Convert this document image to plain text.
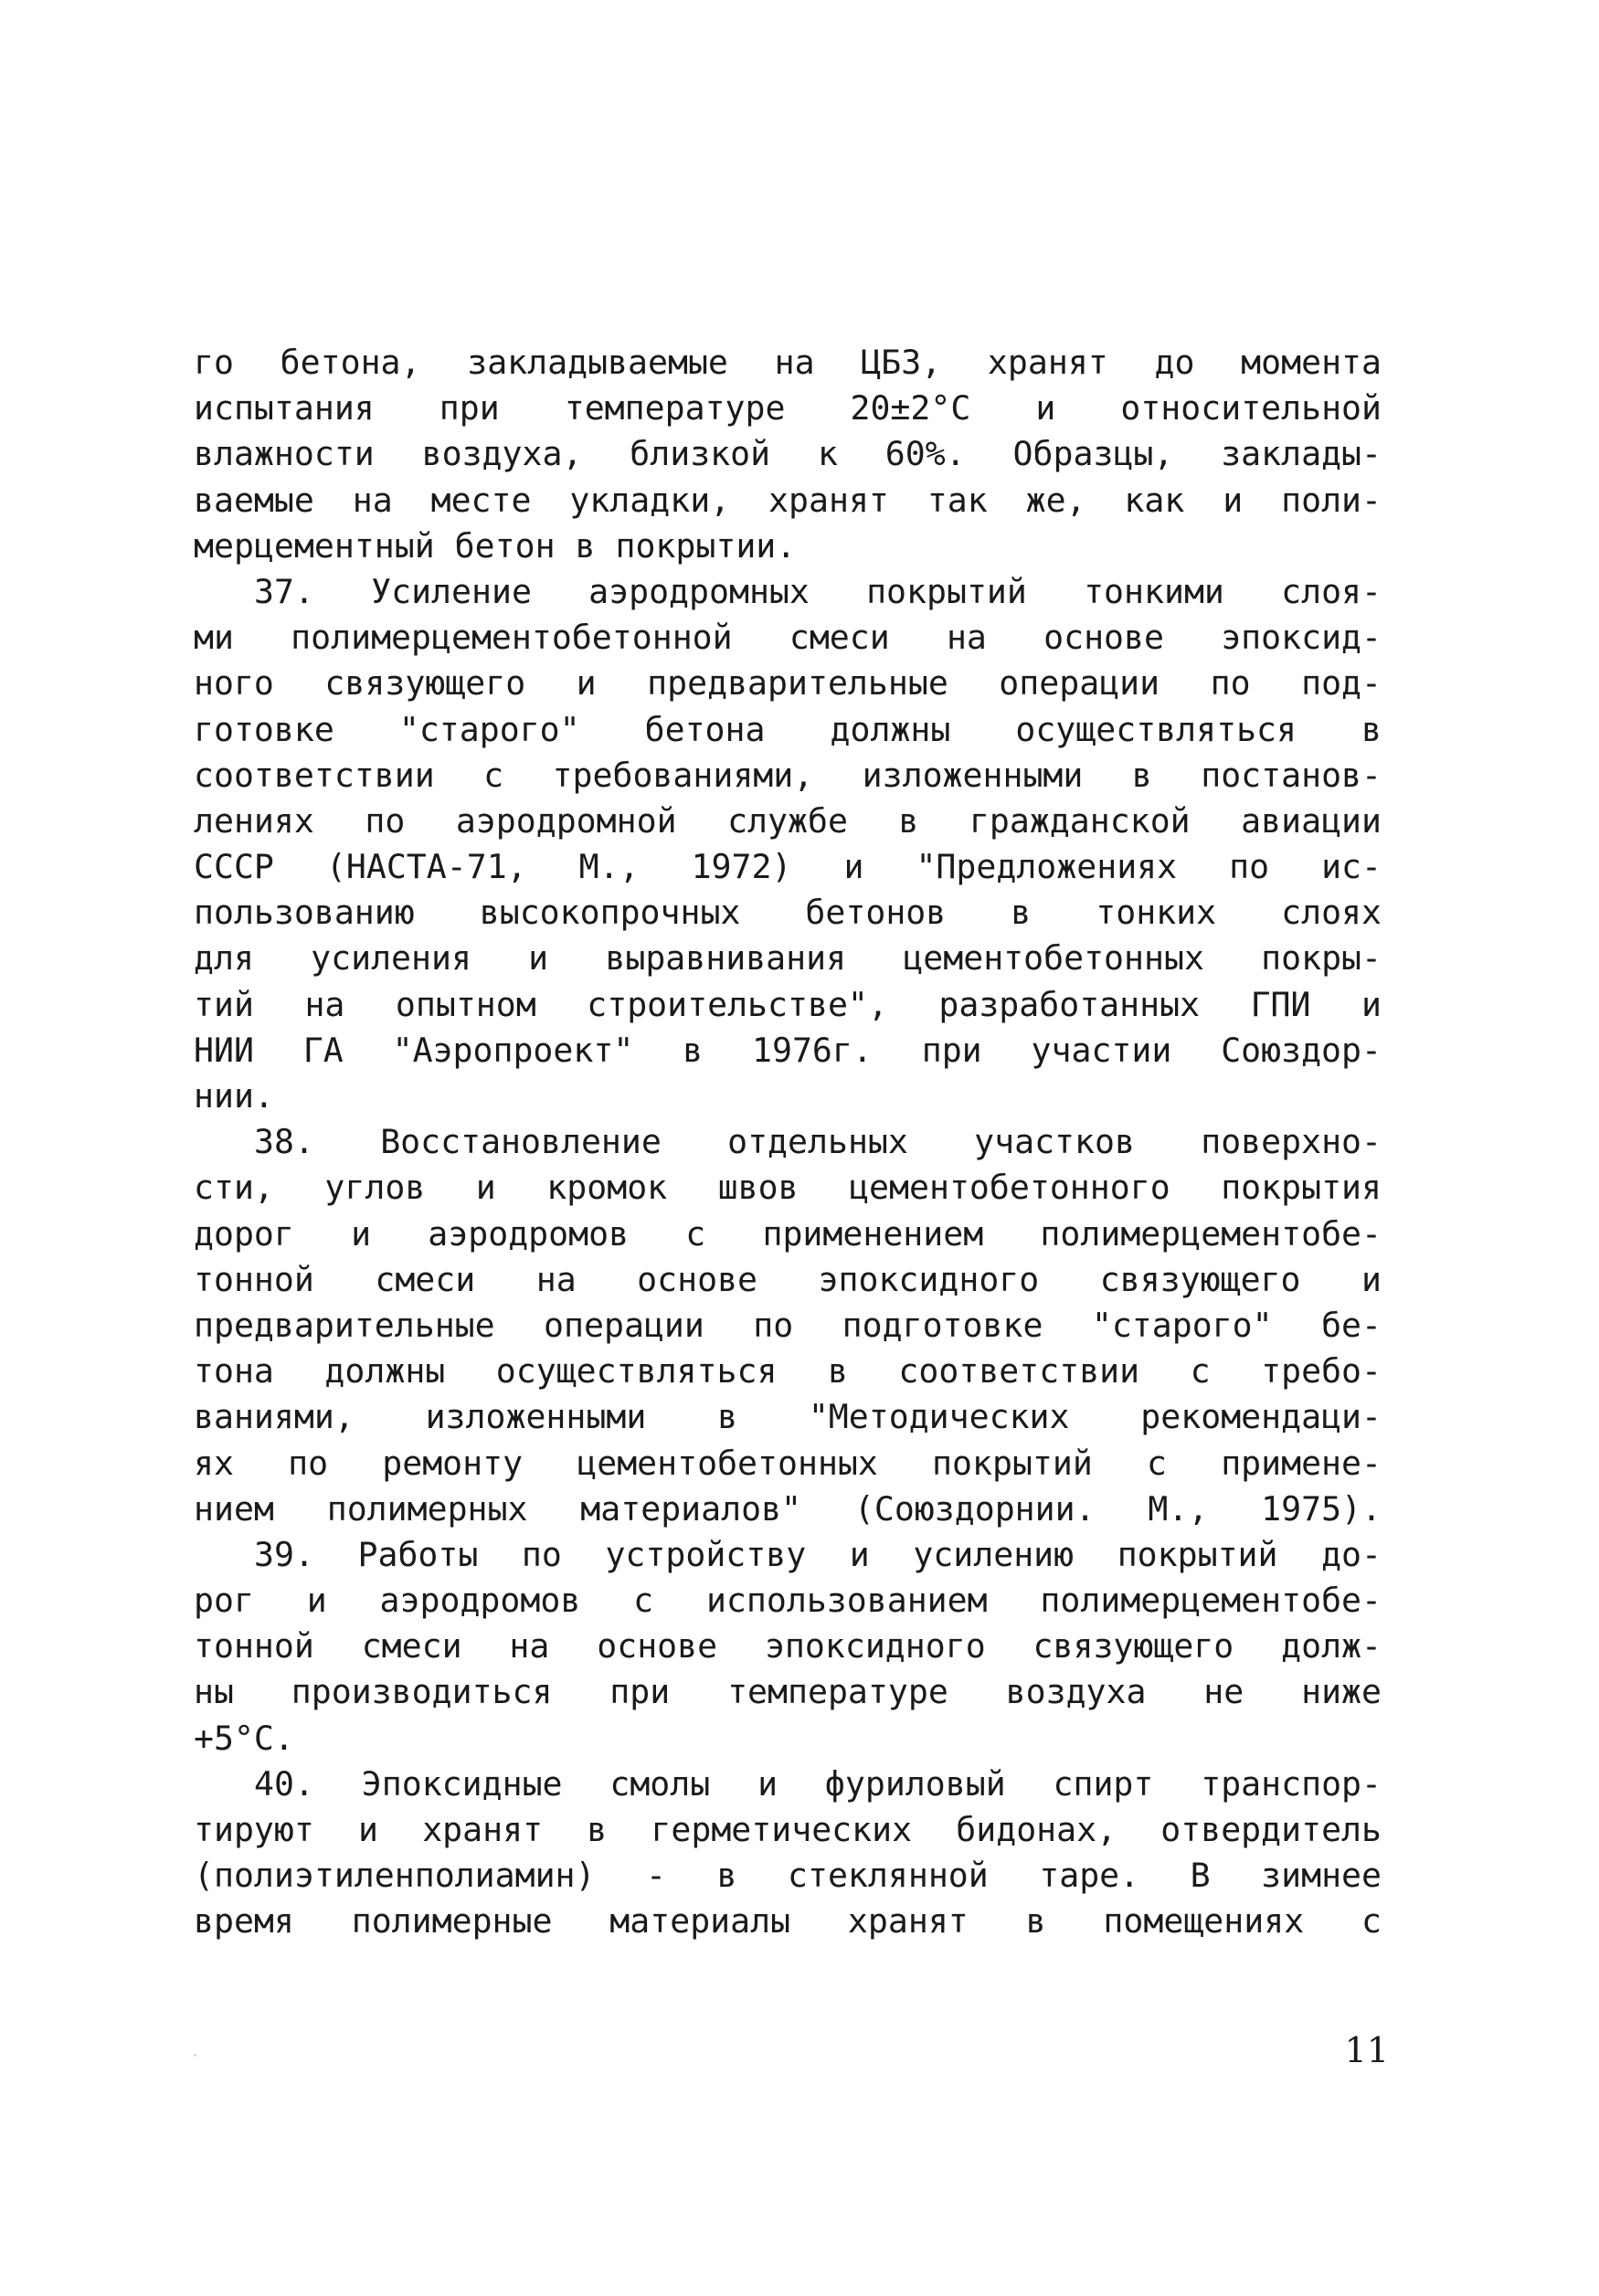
го бетона, закладываемые на ЦБЗ, хранят до момента
испытания при температуре 20±2°С и относительной
влажности воздуха, близкой к 60%. Образцы, заклады-
ваемые на месте укладки, хранят так же, как и поли-
мерцементный бетон в покрытии.
37. Усиление аэродромных покрытий тонкими слоя-
ми полимерцементобетонной смеси на основе эпоксид-
ного связующего и предварительные операции по под-
готовке "старого" бетона должны осуществляться в
соответствии с требованиями, изложенными в постанов-
лениях по аэродромной службе в гражданской авиации
СССР (НАСТА-71, М., 1972) и "Предложениях по ис-
пользованию высокопрочных бетонов в тонких слоях
для усиления и выравнивания цементобетонных покры-
тий на опытном строительстве", разработанных ГПИ и
НИИ ГА "Аэропроект" в 1976г. при участии Союздор-
нии.
38. Восстановление отдельных участков поверхно-
сти, углов и кромок швов цементобетонного покрытия
дорог и аэродромов с применением полимерцементобе-
тонной смеси на основе эпоксидного связующего и
предварительные операции по подготовке "старого" бе-
тона должны осуществляться в соответствии с требо-
ваниями, изложенными в "Методических рекомендаци-
ях по ремонту цементобетонных покрытий с примене-
нием полимерных материалов" (Союздорнии. М., 1975).
39. Работы по устройству и усилению покрытий до-
рог и аэродромов с использованием полимерцементобе-
тонной смеси на основе эпоксидного связующего долж-
ны производиться при температуре воздуха не ниже
+5°С.
40. Эпоксидные смолы и фуриловый спирт транспор-
тируют и хранят в герметических бидонах, отвердитель
(полиэтиленполиамин) - в стеклянной таре. В зимнее
время полимерные материалы хранят в помещениях с
11
